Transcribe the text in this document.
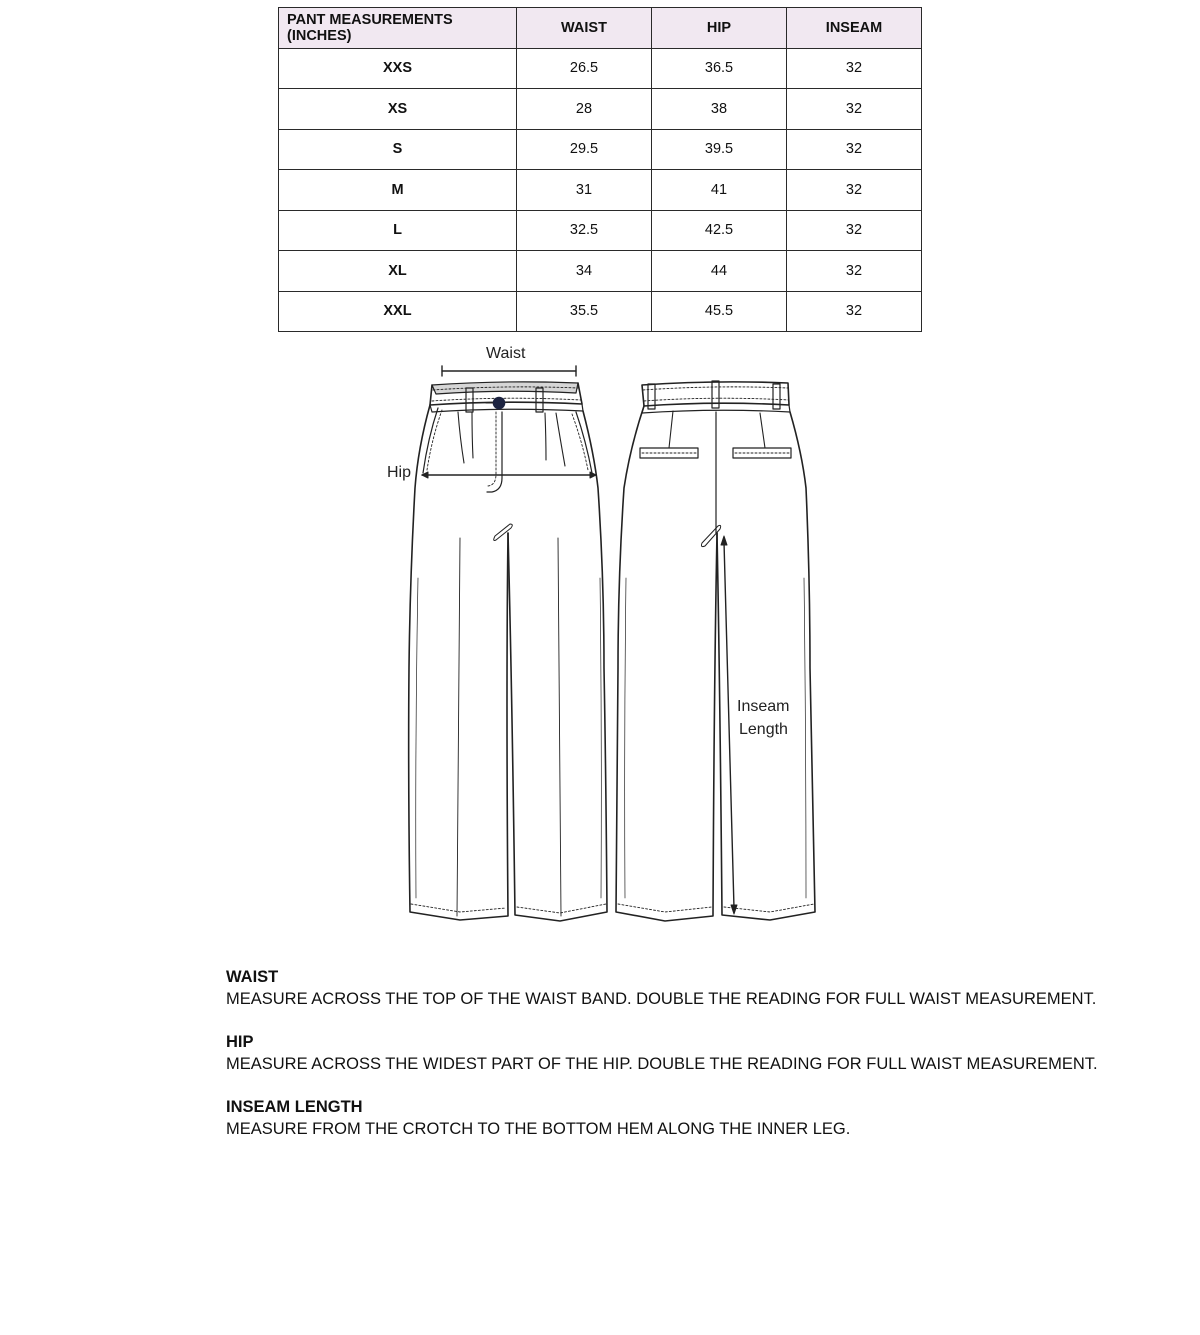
PANT MEASUREMENTS (INCHES)	WAIST	HIP	INSEAM
XXS	26.5	36.5	32
XS	28	38	32
S	29.5	39.5	32
M	31	41	32
L	32.5	42.5	32
XL	34	44	32
XXL	35.5	45.5	32
Waist
Hip
Inseam
Length
WAIST
MEASURE ACROSS THE TOP OF THE WAIST BAND. DOUBLE THE READING FOR FULL WAIST MEASUREMENT.
HIP
MEASURE ACROSS THE WIDEST PART OF THE HIP. DOUBLE THE READING FOR FULL WAIST MEASUREMENT.
INSEAM LENGTH
MEASURE FROM THE CROTCH TO THE BOTTOM HEM ALONG THE INNER LEG.
